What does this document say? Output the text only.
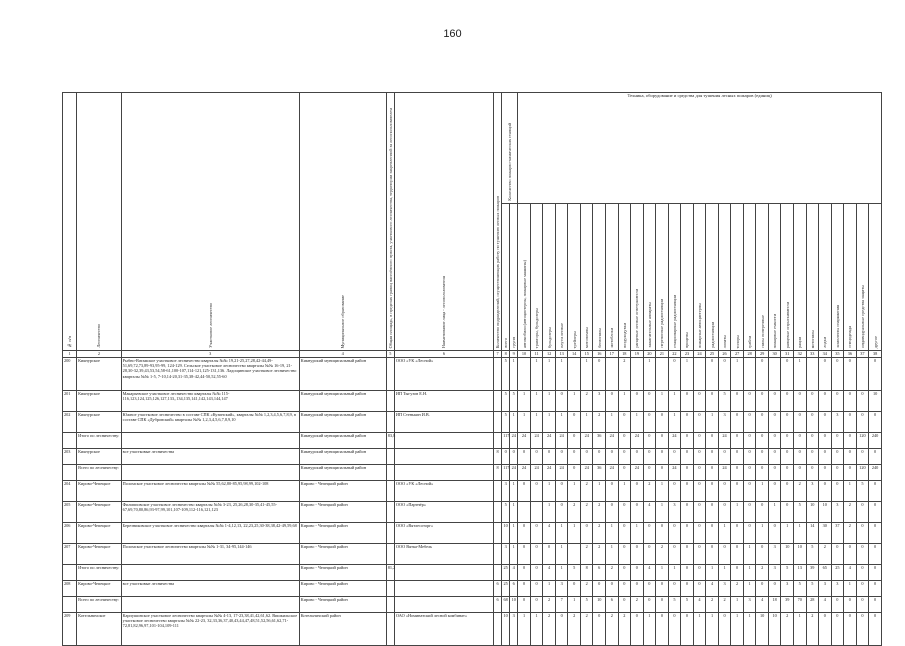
160
№ п/п	Лесничество	Участковое лесничество	Муниципальное образование	Общая площадь, в пределах границ населённого пункта, участкового лесничества, территории закрепленной за лесопользователем	Наименование лица - лесопользователя	Количество подразделений, осуществляющих работу по тушению лесных пожаров	Количество пожарно-химических станций		Техника, оборудование и средства для тушения лесных пожаров (единиц)																												

							всего	групп	автомобили (автоцистерны, пожарные машины)	тракторы, бульдозеры	бульдозеры	плуги лесные	трейлеры	мотопомпы	бензопилы	мотоблоки	воздуходувки	ранцевые лесные огнетушители	зажигательные аппараты	переносные радиостанции	стационарные радиостанции	прицепы	пожарные автоцистерны	радиостанции	лопаты	топоры	грабли	пилы поперечные	пожарные емкости	ранцевые опрыскиватели	рации	мотопилы	лодки	комплекты снаряжения	спецодежда	индивидуальные средства защиты	другое

1	2	3	4	5	6	7	8	9	10	11	12	13	14	15	16	17	18	19	20	21	22	23	24	25	26	27	28	29	30	31	32	33	34	35	36	37	38
200	Кикнурское	Рыбно-Ватажское участковое лесничество кварталы №№ 19,21-25,27,28,42-44,49-51,69,72,73,89-93,95-99, 124-129. Сельское участковое лесничество кварталы №№ 16-19, 21-28,30-32,39,43,53,54,58-61,100-107,114-121,125-131,136. Ладощинское участковое лесничество кварталы №№ 1-5, 7-10,14-20,31-35,38-42,44-50,52,55-60	Кикнурский муниципальный район		ООО «УК «Лесной»		5	1		1	1	1		1	0		2		1		0	1		0	0	1		0		0	1		0	0	0		0
201	Кикнурское	Макарьевское участковое лесничество кварталы №№ 115-116,123,124,125,126,127,133,,134,135,141,142,143,144,147	Кикнурский муниципальный район		ИП Тыгузов Е.Н.		5	5	1	1	1	0	1	2	3	0	1	0	0	1	1	0	0	0	5	0	0	0	0	0	0	0	0	0	0	0	10
202	Кикнурское	Южное участковое лесничество в составе СПК «Кузинский», кварталы №№ 1,2,3,4,5,6,7,8,9, в составе СПК «Дубровский» кварталы №№ 1,2,3,4,5,6,7,8,9,10	Кикнурский муниципальный район		ИП Стенькин И.В.		5	1	1	1	1	1	0	1	2	1	0	1	0	0	1	0	0	1	3	0	0	0	0	0	0	0	0	3	0	0	0
	Итого по лесничеству:		Кикнурский муниципальный район	83,8			117	24	24	24	24	24	0	24	36	24	0	24	0	0	24	0	0	0	24	0	0	0	0	0	0	0	0	0	0	120	240
203	Кикнурское	все участковые лесничества	Кикнурский муниципальный район			8	0	0	0	0	0	0	0	0	0	0	0	0	0	0	0	0	0	0	0	0	0	0	0	0	0	0	0	0	0	0	0
	Всего по лесничеству:		Кикнурский муниципальный район			8	117	24	24	24	24	24	0	24	36	24	0	24	0	0	24	0	0	0	24	0	0	0	0	0	0	0	0	0	0	120	240
204	Кирово-Чепецкое	Поломское участковое лесничество кварталы №№ 55,62,80-85,95,98,99,102-108	Кирово - Чепецкий район		ООО «УК «Лесной»		3	1	0	0	1	0	1	2	1	0	1	0	2	1	0	0	0	0	0	0	0	1	0	0	2	3	0	0	1	5	0
205	Кирово-Чепецкое	Филипповское участковое лесничество кварталы №№ 3-23, 25,26,28,30-35,41-45,55-67,69,70,80,86,93-97,99,101,107-109,112-116,121,123	Кирово - Чепецкий район		ООО «Партнёр»		5	1			1	0	2	2	2	0	0	0	4	1	3	0	0	0	0	1	0	0	1	0	5	10	10	3	2	0	0
206	Кирово-Чепецкое	Березниковское участковое лесничество кварталы №№ 1-4,12,13, 22,23,25,30-38,38,42-49,59,68	Кирово - Чепецкий район		ООО «Вятлесоторг»		10	1	0	0	4	1	1	0	2	1	0	1	0	0	0	0	0	0	1	0	0	1	0	1	1	14	30	37	2	0	0
207	Кирово-Чепецкое	Поломское участковое лесничество кварталы №№ 1-31, 34-95,144-146	Кирово - Чепецкий район		ООО Вятка-Мебель		3	1	0	0	0	1		2	2	1	0	0	0	2	0	0	0	0	0	0	1	0	3	10	10	5	2	0	0	0	0
	Итого по лесничеству:		Кирово - Чепецкий район	81,2			25	4	0	0	4	1	5	8	6	2	0	0	4	1	1	0	0	1	1	0	1	2	3	5	13	39	65	25	4	0	0
208	Кирово-Чепецкое	все участковые лесничества	Кирово - Чепецкий район			6	25	6	0	0	1	3	0	2	0	0	0	0	0	0	0	0	0	4	3	2	1	0	0	3	5	5	3	3	1	0	0
	Всего по лесничеству:		Кирово - Чепецкий район			6	68	10	0	0	2	7	1	5	10	6	0	2	0	0	5	5	4	2	2	1	3	4	18	39	70	28	4	0	0	0	0
209	Котельничское	Карпушинское участковое лесничество кварталы №№ 4-13, 17-23,38,41,42,61,62. Вишкильское участковое лесничество кварталы №№ 22-23, 32,33,36,37,40,43,44,47,48,51,52,56,61,62,71-72,81,82,96,97,101-104,109-111	Котельничский район		ОАО «Номинатский лесной комбинат»		10	3	1	1	2	0	2	2	0	2	2	0	1	0	0	0	1	1	0	1	1	10	10	2	1	2	0	0	0	0	0
